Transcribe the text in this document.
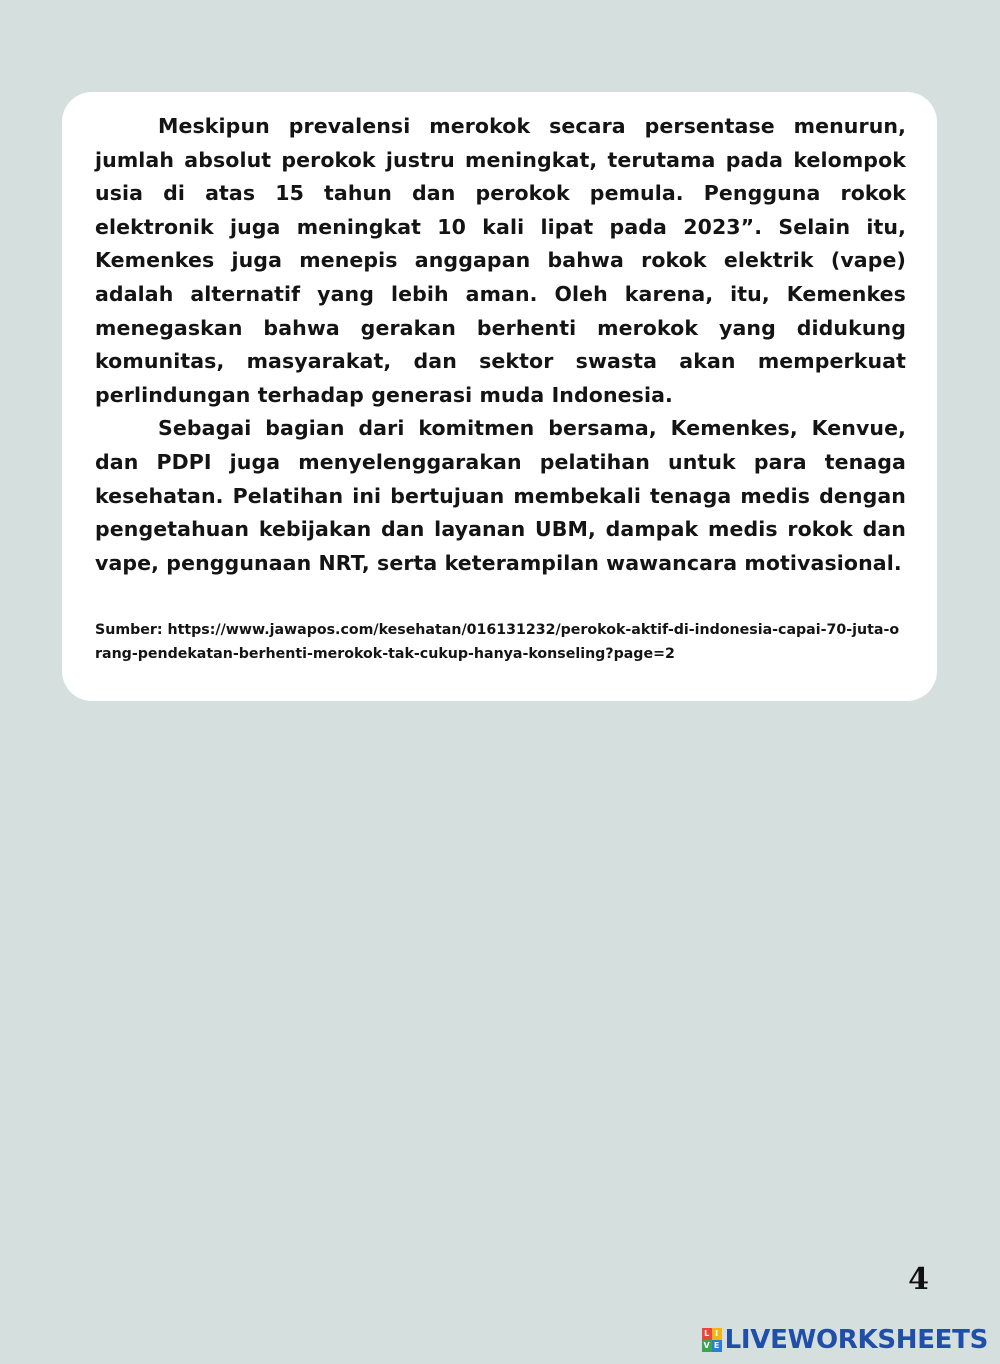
Meskipun prevalensi merokok secara persentase menurun, jumlah absolut perokok justru meningkat, terutama pada kelompok usia di atas 15 tahun dan perokok pemula. Pengguna rokok elektronik juga meningkat 10 kali lipat pada 2023”. Selain itu, Kemenkes juga menepis anggapan bahwa rokok elektrik (vape) adalah alternatif yang lebih aman. Oleh karena, itu, Kemenkes menegaskan bahwa gerakan berhenti merokok yang didukung komunitas, masyarakat, dan sektor swasta akan memperkuat perlindungan terhadap generasi muda Indonesia.

Sebagai bagian dari komitmen bersama, Kemenkes, Kenvue, dan PDPI juga menyelenggarakan pelatihan untuk para tenaga kesehatan. Pelatihan ini bertujuan membekali tenaga medis dengan pengetahuan kebijakan dan layanan UBM, dampak medis rokok dan vape, penggunaan NRT, serta keterampilan wawancara motivasional.

Sumber: https://www.jawapos.com/kesehatan/016131232/perokok-aktif-di-indonesia-capai-70-juta-orang-pendekatan-berhenti-merokok-tak-cukup-hanya-konseling?page=2

4
L I
V E LIVEWORKSHEETS
